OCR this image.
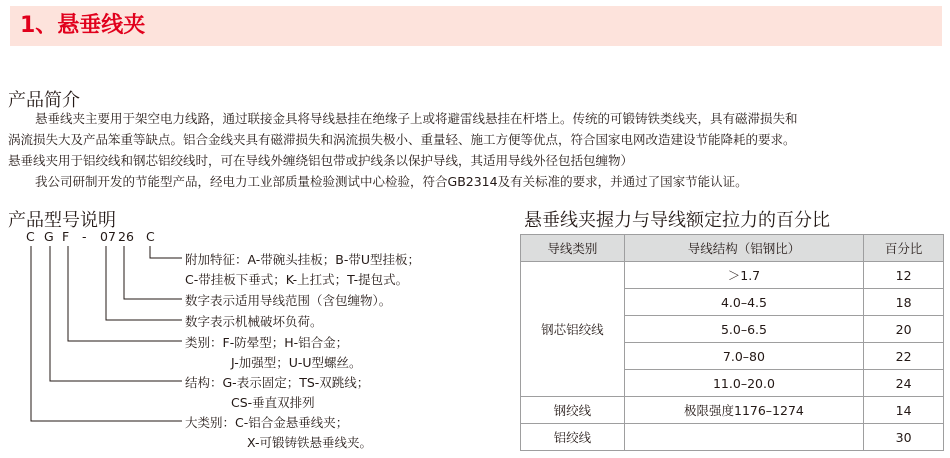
1、悬垂线夹
产品简介
悬垂线夹主要用于架空电力线路，通过联接金具将导线悬挂在绝缘子上或将避雷线悬挂在杆塔上。传统的可锻铸铁类线夹，具有磁滞损失和
涡流损失大及产品笨重等缺点。铝合金线夹具有磁滞损失和涡流损失极小、重量轻、施工方便等优点，符合国家电网改造建设节能降耗的要求。
悬垂线夹用于铝绞线和钢芯铝绞线时，可在导线外缠绕铝包带或护线条以保护导线，其适用导线外径包括包缠物）
我公司研制开发的节能型产品，经电力工业部质量检验测试中心检验，符合GB2314及有关标准的要求，并通过了国家节能认证。
产品型号说明	悬垂线夹握力与导线额定拉力的百分比
C G F - 07 26 C
附加特征：A-带碗头挂板；B-带U型挂板；
C-带挂板下垂式；K-上扛式；T-提包式。
数字表示适用导线范围（含包缠物）。
数字表示机械破坏负荷。
类别：F-防晕型；H-铝合金；
J-加强型；U-U型螺丝。
结构：G-表示固定；TS-双跳线；
CS-垂直双排列
大类别：C-铝合金悬垂线夹；
X-可锻铸铁悬垂线夹。
导线类别	导线结构（铝钢比）	百分比
钢芯铝绞线	＞1.7	12
	4.0–4.5	18
	5.0–6.5	20
	7.0–80	22
	11.0–20.0	24
钢绞线	极限强度1176–1274	14
铝绞线		30
